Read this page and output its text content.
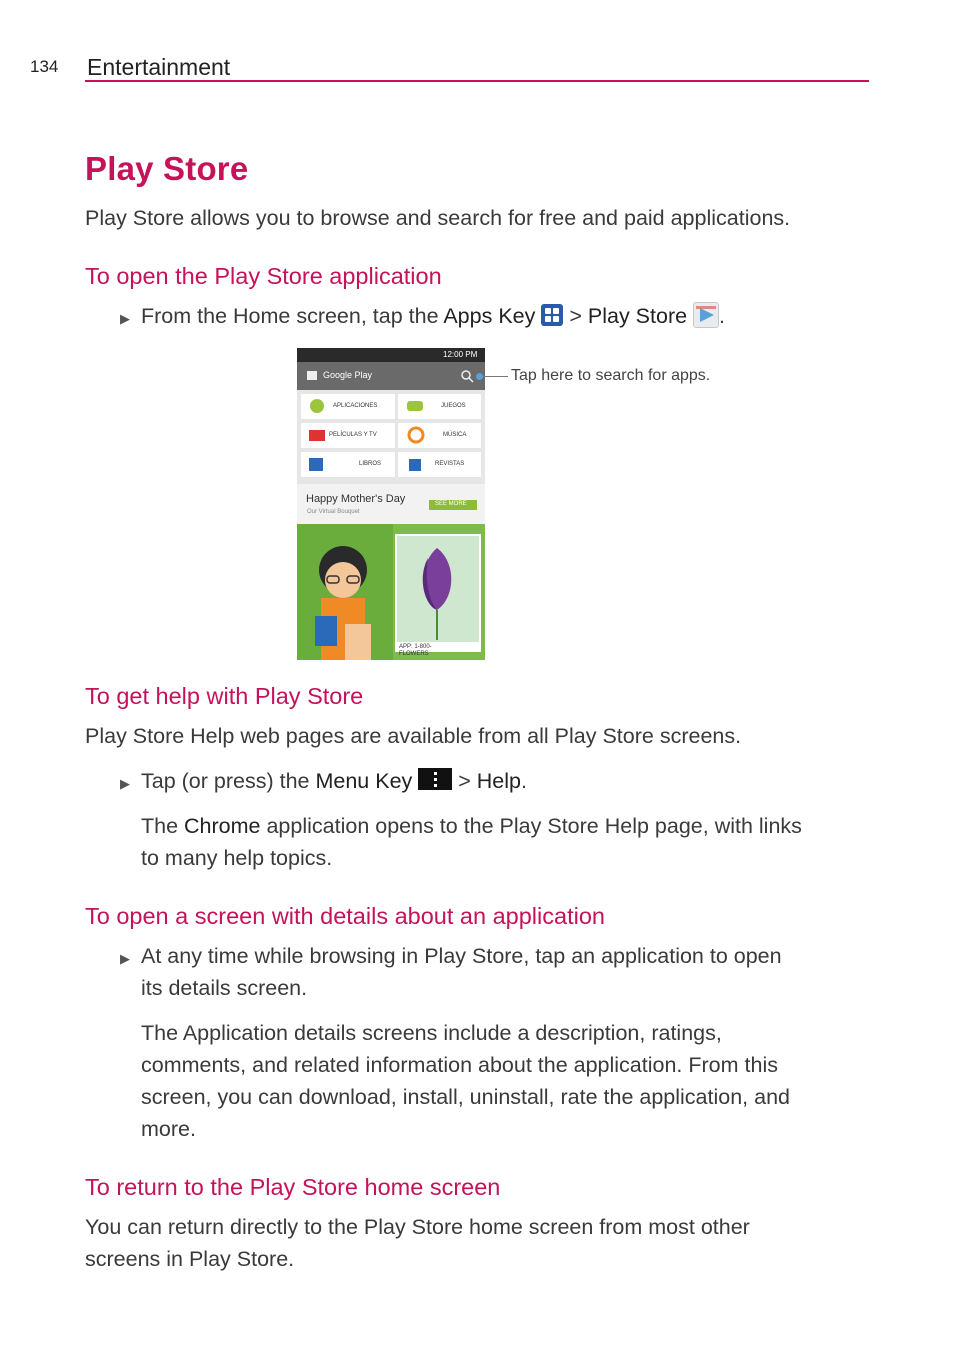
134 Entertainment
Play Store
Play Store allows you to browse and search for free and paid applications.
To open the Play Store application
▶ From the Home screen, tap the Apps Key
> Play Store .
12:00 PM
Google Play
APLICACIONES	JUEGOS
PELÍCULAS Y TV	MÚSICA
LIBROS	REVISTAS
Happy Mother's Day
Our Virtual Bouquet
SEE MORE
APP: 1-800-FLOWERS
Tap here to search for apps.
To get help with Play Store
Play Store Help web pages are available from all Play Store screens.
▶ Tap (or press) the Menu Key
> Help.
The Chrome application opens to the Play Store Help page, with links
to many help topics.
To open a screen with details about an application
▶ At any time while browsing in Play Store, tap an application to open
its details screen.
The Application details screens include a description, ratings,
comments, and related information about the application. From this
screen, you can download, install, uninstall, rate the application, and
more.
To return to the Play Store home screen
You can return directly to the Play Store home screen from most other
screens in Play Store.
